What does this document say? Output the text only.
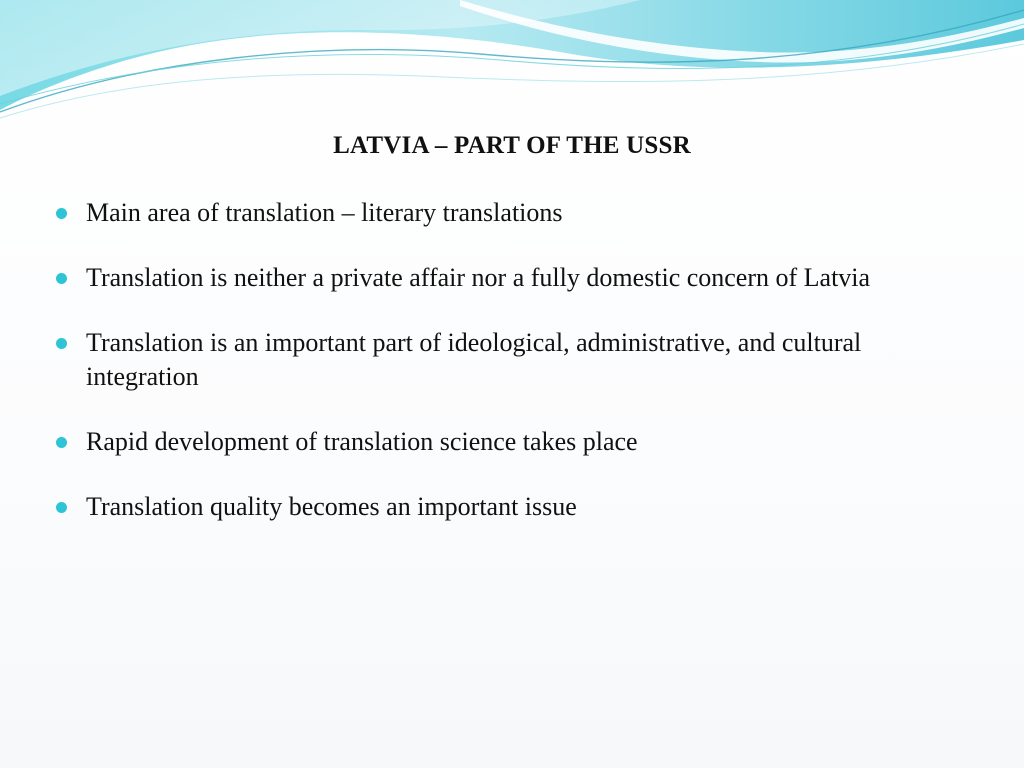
LATVIA – PART OF THE USSR
Main area of translation – literary translations
Translation is neither a private affair nor a fully domestic concern of Latvia
Translation is an important part of ideological, administrative, and cultural integration
Rapid development of translation science takes place
Translation quality becomes an important issue
